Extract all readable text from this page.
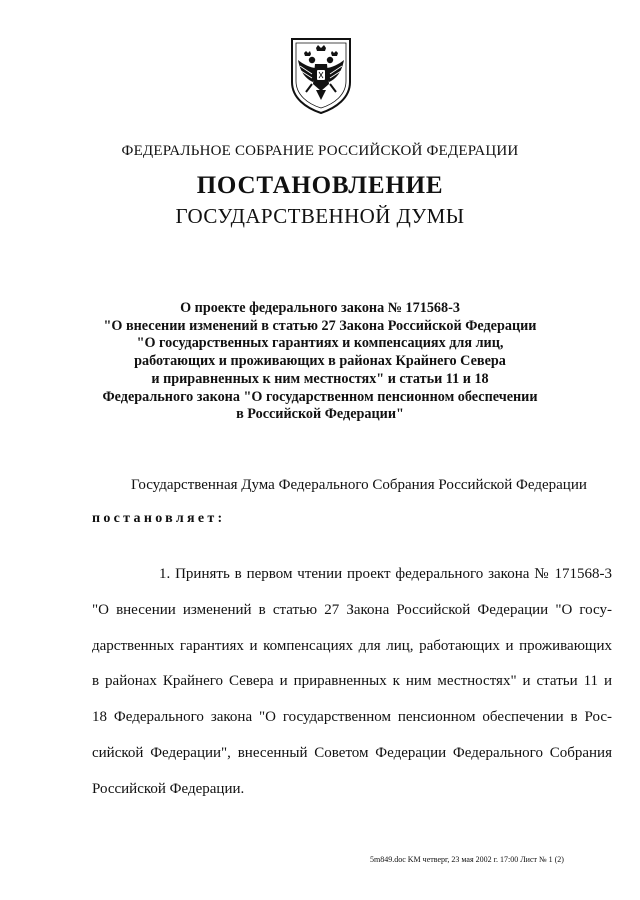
ФЕДЕРАЛЬНОЕ СОБРАНИЕ РОССИЙСКОЙ ФЕДЕРАЦИИ
ПОСТАНОВЛЕНИЕ
ГОСУДАРСТВЕННОЙ ДУМЫ
О проекте федерального закона № 171568-3
"О внесении изменений в статью 27 Закона Российской Федерации
"О государственных гарантиях и компенсациях для лиц,
работающих и проживающих в районах Крайнего Севера
и приравненных к ним местностях" и статьи 11 и 18
Федерального закона "О государственном пенсионном обеспечении
в Российской Федерации"
Государственная Дума Федерального Собрания Российской Федерации
постановляет:
1. Принять в первом чтении проект федерального закона № 171568-3
"О внесении изменений в статью 27 Закона Российской Федерации "О госу-
дарственных гарантиях и компенсациях для лиц, работающих и проживающих
в районах Крайнего Севера и приравненных к ним местностях" и статьи 11 и
18 Федерального закона "О государственном пенсионном обеспечении в Рос-
сийской Федерации", внесенный Советом Федерации Федерального Собрания
Российской Федерации.
5m849.doc KM четверг, 23 мая 2002 г. 17:00 Лист № 1 (2)
